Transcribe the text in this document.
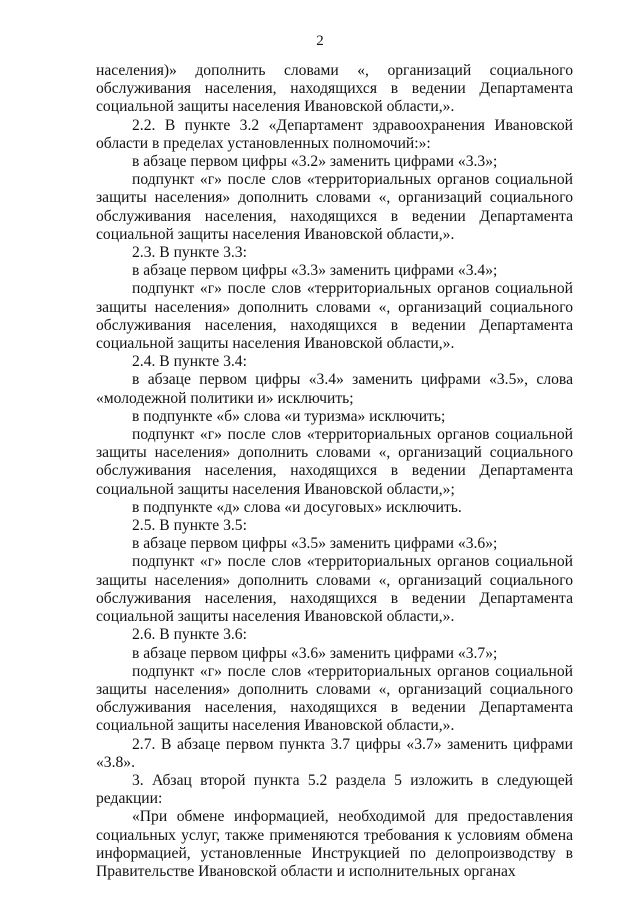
2

населения)» дополнить словами «, организаций социального обслуживания населения, находящихся в ведении Департамента социальной защиты населения Ивановской области,».

2.2. В пункте 3.2 «Департамент здравоохранения Ивановской области в пределах установленных полномочий:»:

в абзаце первом цифры «3.2» заменить цифрами «3.3»;

подпункт «г» после слов «территориальных органов социальной защиты населения» дополнить словами «, организаций социального обслуживания населения, находящихся в ведении Департамента социальной защиты населения Ивановской области,».

2.3. В пункте 3.3:

в абзаце первом цифры «3.3» заменить цифрами «3.4»;

подпункт «г» после слов «территориальных органов социальной защиты населения» дополнить словами «, организаций социального обслуживания населения, находящихся в ведении Департамента социальной защиты населения Ивановской области,».

2.4. В пункте 3.4:

в абзаце первом цифры «3.4» заменить цифрами «3.5», слова «молодежной политики и» исключить;

в подпункте «б» слова «и туризма» исключить;

подпункт «г» после слов «территориальных органов социальной защиты населения» дополнить словами «, организаций социального обслуживания населения, находящихся в ведении Департамента социальной защиты населения Ивановской области,»;

в подпункте «д» слова «и досуговых» исключить.

2.5. В пункте 3.5:

в абзаце первом цифры «3.5» заменить цифрами «3.6»;

подпункт «г» после слов «территориальных органов социальной защиты населения» дополнить словами «, организаций социального обслуживания населения, находящихся в ведении Департамента социальной защиты населения Ивановской области,».

2.6. В пункте 3.6:

в абзаце первом цифры «3.6» заменить цифрами «3.7»;

подпункт «г» после слов «территориальных органов социальной защиты населения» дополнить словами «, организаций социального обслуживания населения, находящихся в ведении Департамента социальной защиты населения Ивановской области,».

2.7. В абзаце первом пункта 3.7 цифры «3.7» заменить цифрами «3.8».

3. Абзац второй пункта 5.2 раздела 5 изложить в следующей редакции:

«При обмене информацией, необходимой для предоставления социальных услуг, также применяются требования к условиям обмена информацией, установленные Инструкцией по делопроизводству в Правительстве Ивановской области и исполнительных органах
